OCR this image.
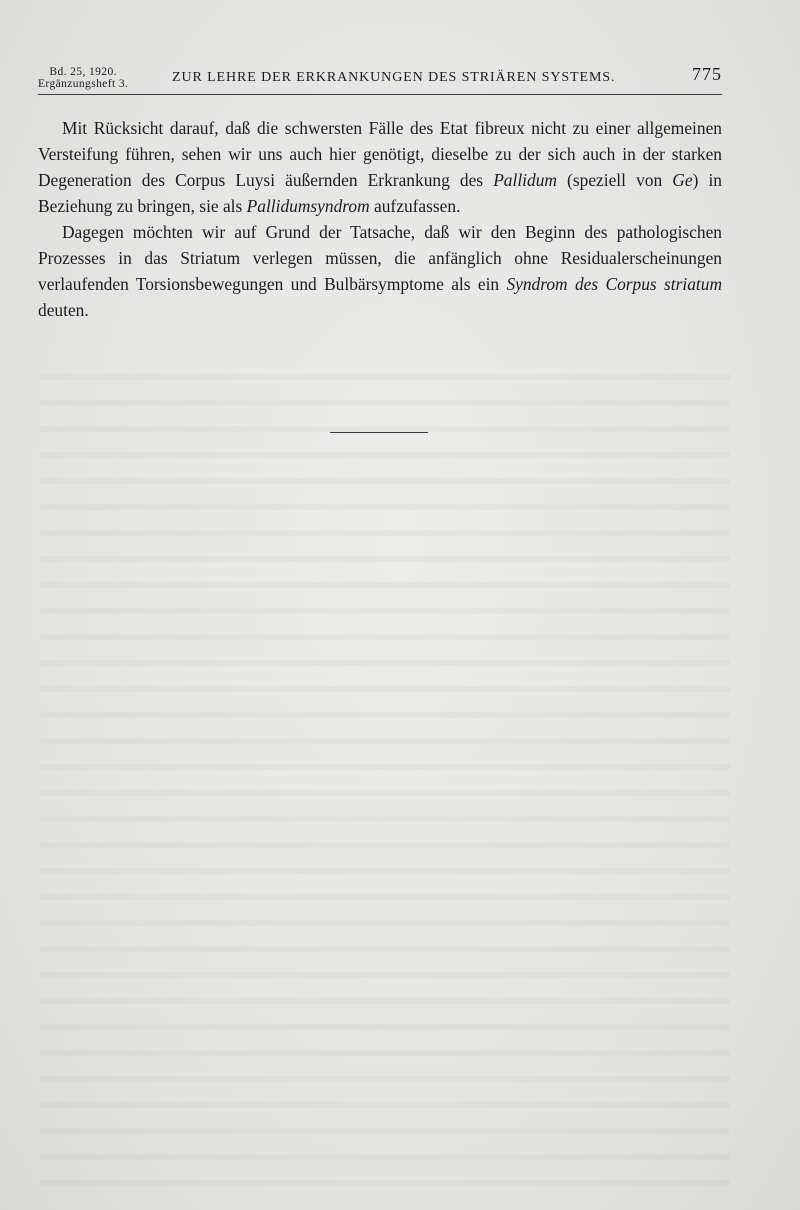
Bd. 25, 1920.
Ergänzungsheft 3.	ZUR LEHRE DER ERKRANKUNGEN DES STRIÄREN SYSTEMS.	775

Mit Rücksicht darauf, daß die schwersten Fälle des Etat fibreux nicht zu einer allgemeinen Versteifung führen, sehen wir uns auch hier genötigt, dieselbe zu der sich auch in der starken Degeneration des Corpus Luysi äußernden Erkrankung des Pallidum (speziell von Ge) in Beziehung zu bringen, sie als Pallidumsyndrom aufzufassen.

Dagegen möchten wir auf Grund der Tatsache, daß wir den Beginn des pathologischen Prozesses in das Striatum verlegen müssen, die anfänglich ohne Residualerscheinungen verlaufenden Torsionsbewegungen und Bulbärsymptome als ein Syndrom des Corpus striatum deuten.
